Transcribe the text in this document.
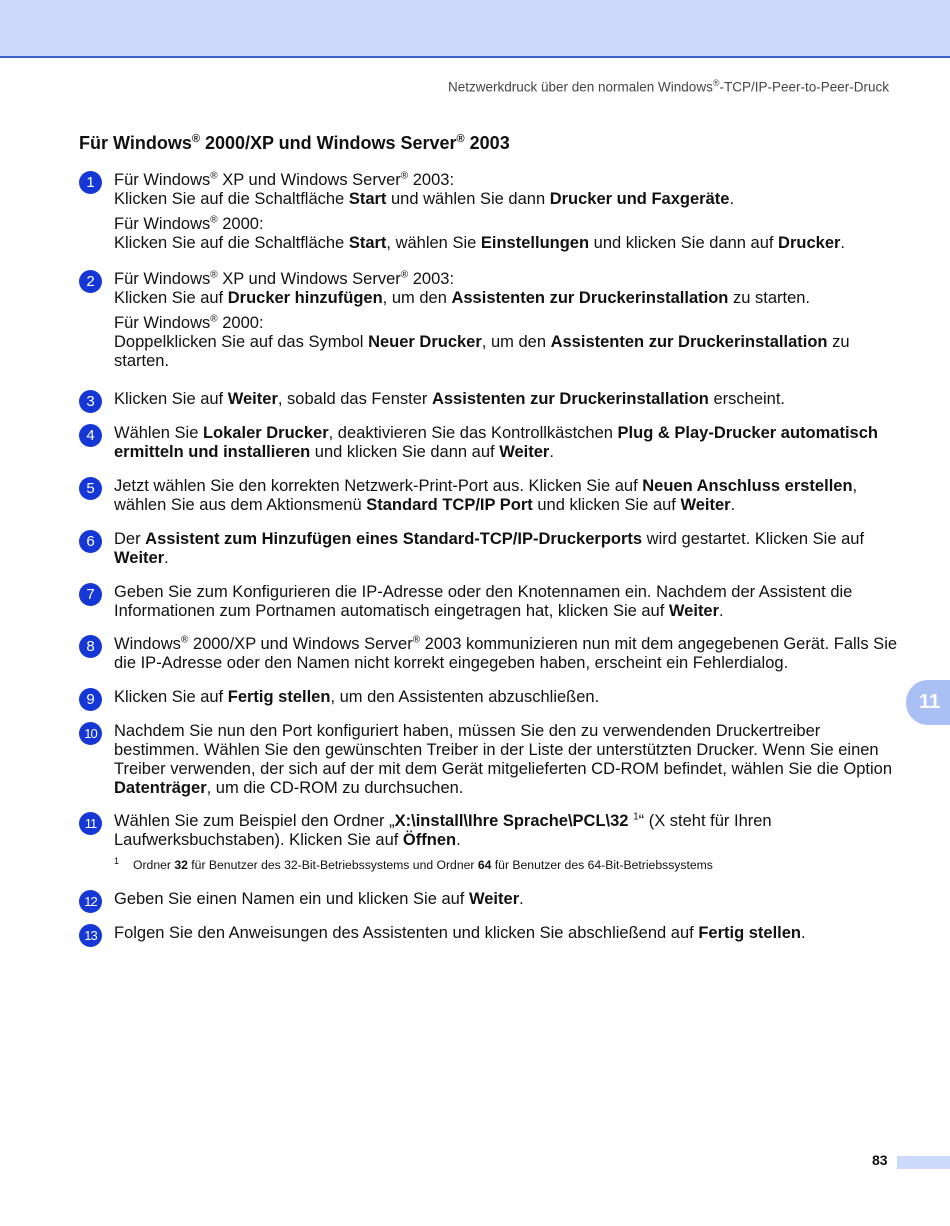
Netzwerkdruck über den normalen Windows®-TCP/IP-Peer-to-Peer-Druck
Für Windows® 2000/XP und Windows Server® 2003
1	Für Windows® XP und Windows Server® 2003:
Klicken Sie auf die Schaltfläche Start und wählen Sie dann Drucker und Faxgeräte.

Für Windows® 2000:
Klicken Sie auf die Schaltfläche Start, wählen Sie Einstellungen und klicken Sie dann auf Drucker.

2	Für Windows® XP und Windows Server® 2003:
Klicken Sie auf Drucker hinzufügen, um den Assistenten zur Druckerinstallation zu starten.

Für Windows® 2000:
Doppelklicken Sie auf das Symbol Neuer Drucker, um den Assistenten zur Druckerinstallation zu starten.

3	Klicken Sie auf Weiter, sobald das Fenster Assistenten zur Druckerinstallation erscheint.

4	Wählen Sie Lokaler Drucker, deaktivieren Sie das Kontrollkästchen Plug & Play-Drucker automatisch ermitteln und installieren und klicken Sie dann auf Weiter.

5	Jetzt wählen Sie den korrekten Netzwerk-Print-Port aus. Klicken Sie auf Neuen Anschluss erstellen, wählen Sie aus dem Aktionsmenü Standard TCP/IP Port und klicken Sie auf Weiter.

6	Der Assistent zum Hinzufügen eines Standard-TCP/IP-Druckerports wird gestartet. Klicken Sie auf Weiter.

7	Geben Sie zum Konfigurieren die IP-Adresse oder den Knotennamen ein. Nachdem der Assistent die Informationen zum Portnamen automatisch eingetragen hat, klicken Sie auf Weiter.

8	Windows® 2000/XP und Windows Server® 2003 kommunizieren nun mit dem angegebenen Gerät. Falls Sie die IP-Adresse oder den Namen nicht korrekt eingegeben haben, erscheint ein Fehlerdialog.

9	Klicken Sie auf Fertig stellen, um den Assistenten abzuschließen.

10	Nachdem Sie nun den Port konfiguriert haben, müssen Sie den zu verwendenden Druckertreiber bestimmen. Wählen Sie den gewünschten Treiber in der Liste der unterstützten Drucker. Wenn Sie einen Treiber verwenden, der sich auf der mit dem Gerät mitgelieferten CD-ROM befindet, wählen Sie die Option Datenträger, um die CD-ROM zu durchsuchen.

11	Wählen Sie zum Beispiel den Ordner „X:\install\Ihre Sprache\PCL\32 $^1$“ (X steht für Ihren Laufwerksbuchstaben). Klicken Sie auf Öffnen.

$^1$ Ordner 32 für Benutzer des 32-Bit-Betriebssystems und Ordner 64 für Benutzer des 64-Bit-Betriebssystems
12	Geben Sie einen Namen ein und klicken Sie auf Weiter.

13	Folgen Sie den Anweisungen des Assistenten und klicken Sie abschließend auf Fertig stellen.

11
83
